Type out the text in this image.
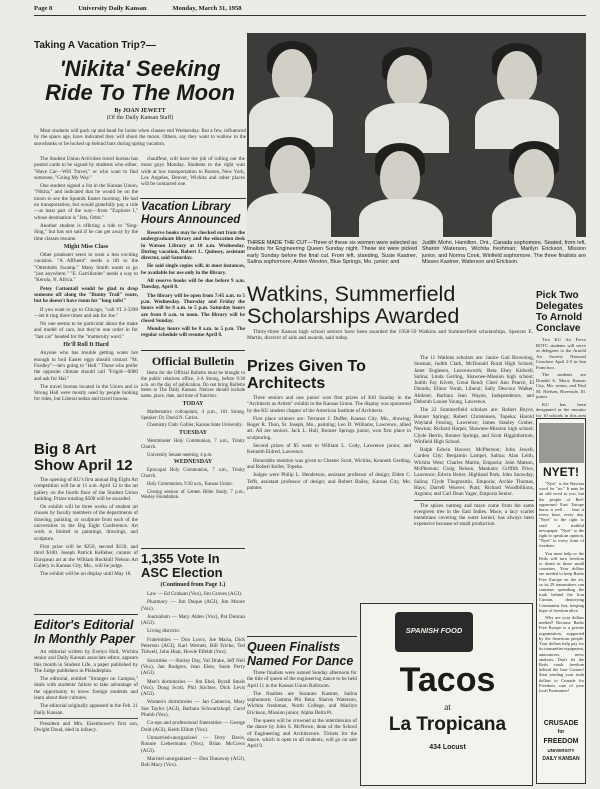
Page 8	University Daily Kansan	Monday, March 31, 1958
Taking A Vacation Trip?—
'Nikita' Seeking Ride To The Moon
By JOAN JEWETT
(Of the Daily Kansan Staff)

Most students will pack up and head for home when classes end Wednesday. But a few, influenced by the space age, have indicated they will shoot the moon. Others, say they want to wallow in the snowbanks or be locked up behind bars during spring vacation.

The Student Union Activities travel bureau has posted cards to be signed by students who either, "Have Car—Will Travel," or who want to find someone, "Going My Way."

One student signed a list in the Kansas Union, "Nikita," and indicated that he would be on the moon to see the Sputnik Easter morning. He had no transportation, but would gratefully pay a ride—at least part of the way—from "Explorer I," whose destination is "Jets, Orbit."

Another student is offering a ride to "Sing-Sing," but has not said if he can get away by the time classes resume.

Might Miss Class

Other prankster seem to want a less exciting vacation. "A Affluent" needs a lift to the "Ottenbabs Swamp." Many Smith wants to go "just anywhere." "E. Garrillonite" needs a way to "Kerola, N. Africa."

Petey Cottontail would be glad to drop someone off along the "Bunny Trail" route, but he doesn't have room for "long tails!"

If you want to go to Chicago, "call VI 3-3298—let it ring three times and ask for Joe."

No one seems to be particular about the make and model of cars, but they're one order in for "fast car" headed for the "matternity ward."

He'll Roll It Hard

Anyone who has trouble getting water hot enough to boil Easter eggs should contact "M. Furdley"—he's going to "Hell." Those who prefer the opposite climate should call "Frigid—0000 and ask for Hal."

The travel bureau located in the Union and in Strong Hall were mostly used by people looking for rides, but Liberal sedan and travel bureau.

chauffeur, will have the job of rolling out the moss guys Monday. Students to the right wait wide at low transportation to Boston, New York, Los Angeles, Denver, Wichita and other places will be contacted one.

Big 8 Art Show April 12

The opening of KU's first annual Big Eight Art competition will be at 11 a.m. April 12 in the art gallery on the fourth floor of the Student Union building. Prizes totaling $500 will be awarded.

On exhibit will be three works of student art chosen by faculty members of the departments of drawing, painting, or sculpture from each of the universities in the Big Eight Conference. Art work is limited to paintings, drawings, and sculpture.

First prize will be $250, second $150, and third $100. Joseph Patrick Kelleher, curator of European art at the William Rockhill Nelson Art Gallery in Kansas City, Mo., will be judge.

The exhibit will be on display until May 18.

Editor's Editorial In Monthly Paper

An editorial written by Evelyn Hull, Wichita senior and Daily Kansan associate editor, appears this month in Student Life, a paper published by The Judge publishers in Philadelphia.

The editorial, entitled "Stranger on Campus," deals with students' failure to take advantage of the opportunity to know foreign students and learn about their cultures.

The editorial originally appeared in the Feb. 21 Daily Kansan.

President and Mrs. Eisenhower's first son, Dwight Doud, died in infancy.

Vacation Library Hours Announced

Reserve books may be checked out from the undergraduate library and the education desk in Watson Library at 10 a.m. Wednesday. During vacation, Robert L. Quinsey, assistant director, said Saturday.

He said single copies will, in most instances, be available for use only in the library.

All reserve books will be due before 9 a.m. Tuesday, April 8.

The library will be open from 7:45 a.m. to 5 p.m. Wednesday. Thursday and Friday the hours will be 8 a.m. to 5 p.m. Saturday hours are from 8 a.m. to noon. The library will be closed Sunday.

Monday hours will be 8 a.m. to 5 p.m. The regular schedule will resume April 8.

Official Bulletin

Items for the Official Bulletin must be brought to the public relations office, 3-A Strong, before 9:30 a.m. on the day of publication. Do not bring Bulletin items to The Daily Kansan. Notices should include name, place, date, and time of function.

TODAY

Mathematics colloquium, 4 p.m., 101 Strong. Speaker: Dr. David N. Carlos.

Chemistry Club: Gollier, Kansas State University.

TUESDAY

Westminster Holy Communion, 7 a.m., Trinity Church.

University Senate meeting, 4 p.m.

WEDNESDAY

Episcopal Holy Communion, 7 a.m., Trinity Church.

Holy Communion, 9:30 a.m., Kansas Union.

Closing session of Lenten Bible Study, 7 p.m., Wesley Foundation.

1,355 Vote In ASC Election
(Continued from Page 1.)

Law — Ed Graham (Vox), Jim Graves (AGI).

Pharmacy — Jim Duque (AGI), Jim Moore (Vox).

Journalism — Mary Alden (Vox), Pat Duncan (AGI).

Living districts:

Fraternities — Don Lorco, Joe Maria, Dick Peterson (AGI), Karl Wernett, Bill Fricke, Ted Tidwell, John Hoar, Howie Elfeldt (Vox).

Sororities — Shirley Day, Val Drake, Jeff Nell (Vox), Jan Rodgers, Jean Elsie, Susie Perry (AGI).

Men's dormitories — Jim Ebel, Byrall Steals (Vox), Doug Scott, Phil Stichter, Dick Levis (AGI).

Women's dormitories — Jan Cameron, Mary Sue Taylor (AGI), Barbara Schwartzkopf, Carol Plumb (Vox).

Co-ops and professional fraternities — George Dold (AGI), Keith Elliott (Vox).

Unmarried-unorganized — Terry Davis, Ronnie Liebermann (Vox), Brian McCown (AGI).

Married unorganized — Don Dunaway (AGI), Bob Macy (Vox).

THREE MADE THE CUT—Three of these six women were selected as finalists for Engineering Queen Sunday night. These six were picked early Sunday before the final cut. From left, standing, Susie Kastner, Salina sophomore; Arden Weston, Blue Springs, Mo. junior; and
Judith Mohri, Hamilton, Ont., Canada sophomore. Seated, from left, Sharon Waterson, Wichita freshman; Marilyn Erickson, Mission junior, and Norma Cook, Winfield sophomore. The three finalists are Misses Kastner, Waterson and Erickson.
Watkins, Summerfield Scholarships Awarded

Thirty-three Kansas high school seniors have been awarded the 1958-59 Watkins and Summerfield scholarships, Spencer E. Martin, director of aids and awards, said today.

The 11 Watkins scholars are: Janice Gail Browning, Seaman; Judith Clark, McDonald Rural High School; Janet Englesen, Leavenworth; Reta Ehey Kidwell, Salina; Linda Gerling, Shawnee-Mission high school; Judith Fay Kivett, Great Bend; Cheri Ann Pearce, El Dorado; Elinor Vorab, Liberal; Sally Descour Walker, Abilene; Barbara Jean Wayne, Independence, and Deborah Louise Young, Lawrence.

The 22 Summerfield scholars are: Robert Boyce, Bonner Springs; Robert Christensen, Topeka; Harold Wayland Fearing, Lawrence; James Stanley Gruber, Newton; Richard Harper, Shawnee-Mission high school; Clyde Herrin, Bonner Springs, and Scott Higginbottom, Winfield High School.

Ralph Edwin Hoover, McPherson; John Jewell, Garden City; Benjamin Lampel, Salina; Alan Leith, Wichita West; Charles Martin, Emporia; John Matson, McPherson; Craig Nelson, Mankato; Griffith Price, Lawrence; Edwin Reiter, Highland Park; John Snowday, Salina; Clyde Thogmartin, Emporia; Archie Thomas, Hays; Darrell Weaver, Pratt; Richard Woodbillions, Argonia; and Carl Dean Yager, Emporia Senior.

The spices nutmeg and mace come from the same evergreen tree in the East Indies. Mace, a lacy scarlet membrane covering the outer kernel, has always been expensive because of small production.

Prizes Given To Architects

Three seniors and one junior won first prizes of $10 Sunday in the "Architects as Artists" exhibit in the Kansas Union. The display was sponsored by the KU student chapter of the American Institute of Architects.

First place winners are: Terrance J. Duffer, Kansas City, Mo., drawing; Roger R. Thon, St. Joseph, Mo., painting; Leo D. Williams, Lawrence, allied art. All are seniors. Jack L. Hall, Bonner Springs junior, won first place in sculpturing.

Second prizes of $5 went to William L. Cody, Lawrence junior, and Kenneth Eldred, Lawrence.

Honorable mention was given to Chester Scott, Wichita; Kenneth Gerding, and Robert Keller, Topeka.

Judges were Philip L. Henderson, assistant professor of design; Elden C. Tefft, assistant professor of design; and Robert Bailey, Kansas City, Mo. painter.

Queen Finalists Named For Dance

Three finalists were named Sunday afternoon for the title of queen of the engineering dance to be held April 11 in the Kansas Union Ballroom.

The finalists are Suzanne Kastner, Salina sophomore; Gamma Phi Beta; Sharon Waterson, Wichita freshman, North College, and Marilyn Erickson, Mission junior, Alpha Delta Pi.

The queen will be crowned at the intermission of the dance by John S. McNown, dean of the School of Engineering and Architecture. Tickets for the dance, which is open to all students, will go on sale April 9.

SPANISH FOOD
Tacos
at
La Tropicana
434 Locust
Pick Two Delegates To Arnold Conclave

Two KU Air Force ROTC students will serve as delegates to the Arnold Air Society National Conclave April 2-5 in San Francisco.

The students are Donald A. Moor, Kansas City, Mo. senior, and Paul M. Nielsen, Riverside, Ill. junior.

KU has been designated as the monitor for 10 schools in this area

NYET!

"Nyet" is the Russian word for "no." It may be an odd word to you, but the people of Red-oppressed East Europe know it well . . . hear it every hour, every day. "Nyet" to the right to read a truthful newspaper. "Nyet" to the right to speak an opinion. "Nyet" to every form of freedom.

You must help or the Reds will turn freedom to dread in those small countries. Your dollars are needed to keep Radio Free Europe on the air, so its 29 transmitters can continue spreading the truth behind the Iron Curtain, destroying Communist lies, keeping hope of freedom alive.

Why are your dollars needed? Because Radio Free Europe is a private organization, supported by the American people. Your dollars help pay for its transmitter equipment, announcers, news analysts. Don't let the Reds crush freedom behind the Iron Curtain! Start sending your truth dollars to Crusade for Freedom, care of your local Postmaster!

CRUSADE
for
FREEDOM
UNIVERSITY
DAILY KANSAN
